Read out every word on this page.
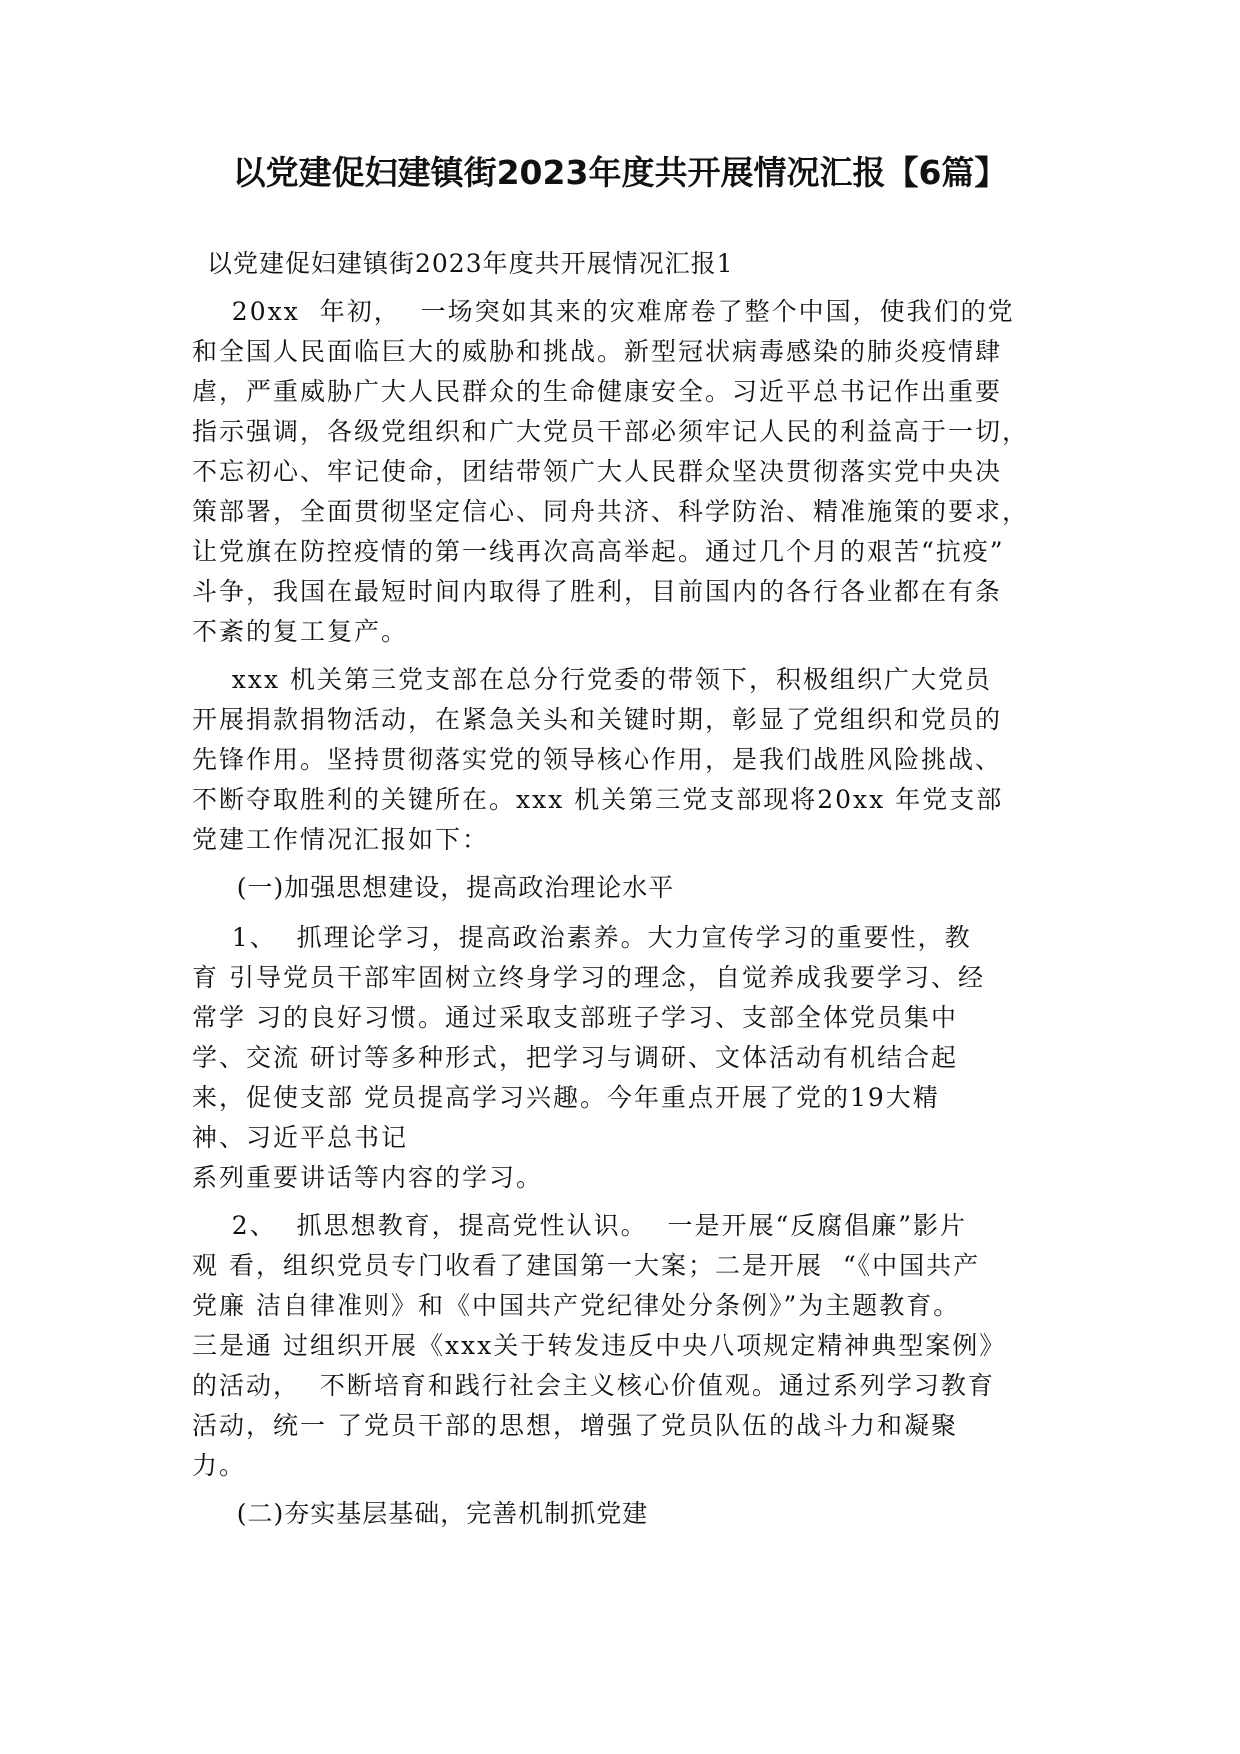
以党建促妇建镇街2023年度共开展情况汇报【6篇】

以党建促妇建镇街2023年度共开展情况汇报1

20xx  年初，  一场突如其来的灾难席卷了整个中国，使我们的党

和全国人民面临巨大的威胁和挑战。新型冠状病毒感染的肺炎疫情肆

虐，严重威胁广大人民群众的生命健康安全。习近平总书记作出重要

指示强调，各级党组织和广大党员干部必须牢记人民的利益高于一切，

不忘初心、牢记使命，团结带领广大人民群众坚决贯彻落实党中央决

策部署，全面贯彻坚定信心、同舟共济、科学防治、精准施策的要求，

让党旗在防控疫情的第一线再次高高举起。通过几个月的艰苦“抗疫”

斗争，我国在最短时间内取得了胜利，目前国内的各行各业都在有条

不紊的复工复产。

xxx 机关第三党支部在总分行党委的带领下，积极组织广大党员

开展捐款捐物活动，在紧急关头和关键时期，彰显了党组织和党员的

先锋作用。坚持贯彻落实党的领导核心作用，是我们战胜风险挑战、

不断夺取胜利的关键所在。xxx 机关第三党支部现将20xx 年党支部

党建工作情况汇报如下：

(一)加强思想建设，提高政治理论水平

1、  抓理论学习，提高政治素养。大力宣传学习的重要性，教

育 引导党员干部牢固树立终身学习的理念，自觉养成我要学习、经

常学 习的良好习惯。通过采取支部班子学习、支部全体党员集中

学、交流 研讨等多种形式，把学习与调研、文体活动有机结合起

来，促使支部 党员提高学习兴趣。今年重点开展了党的19大精

神、习近平总书记

系列重要讲话等内容的学习。

2、  抓思想教育，提高党性认识。  一是开展“反腐倡廉”影片

观 看，组织党员专门收看了建国第一大案；二是开展  “《中国共产

党廉 洁自律准则》和《中国共产党纪律处分条例》”为主题教育。

三是通 过组织开展《xxx关于转发违反中央八项规定精神典型案例》

的活动，  不断培育和践行社会主义核心价值观。通过系列学习教育

活动，统一 了党员干部的思想，增强了党员队伍的战斗力和凝聚

力。

(二)夯实基层基础，完善机制抓党建
